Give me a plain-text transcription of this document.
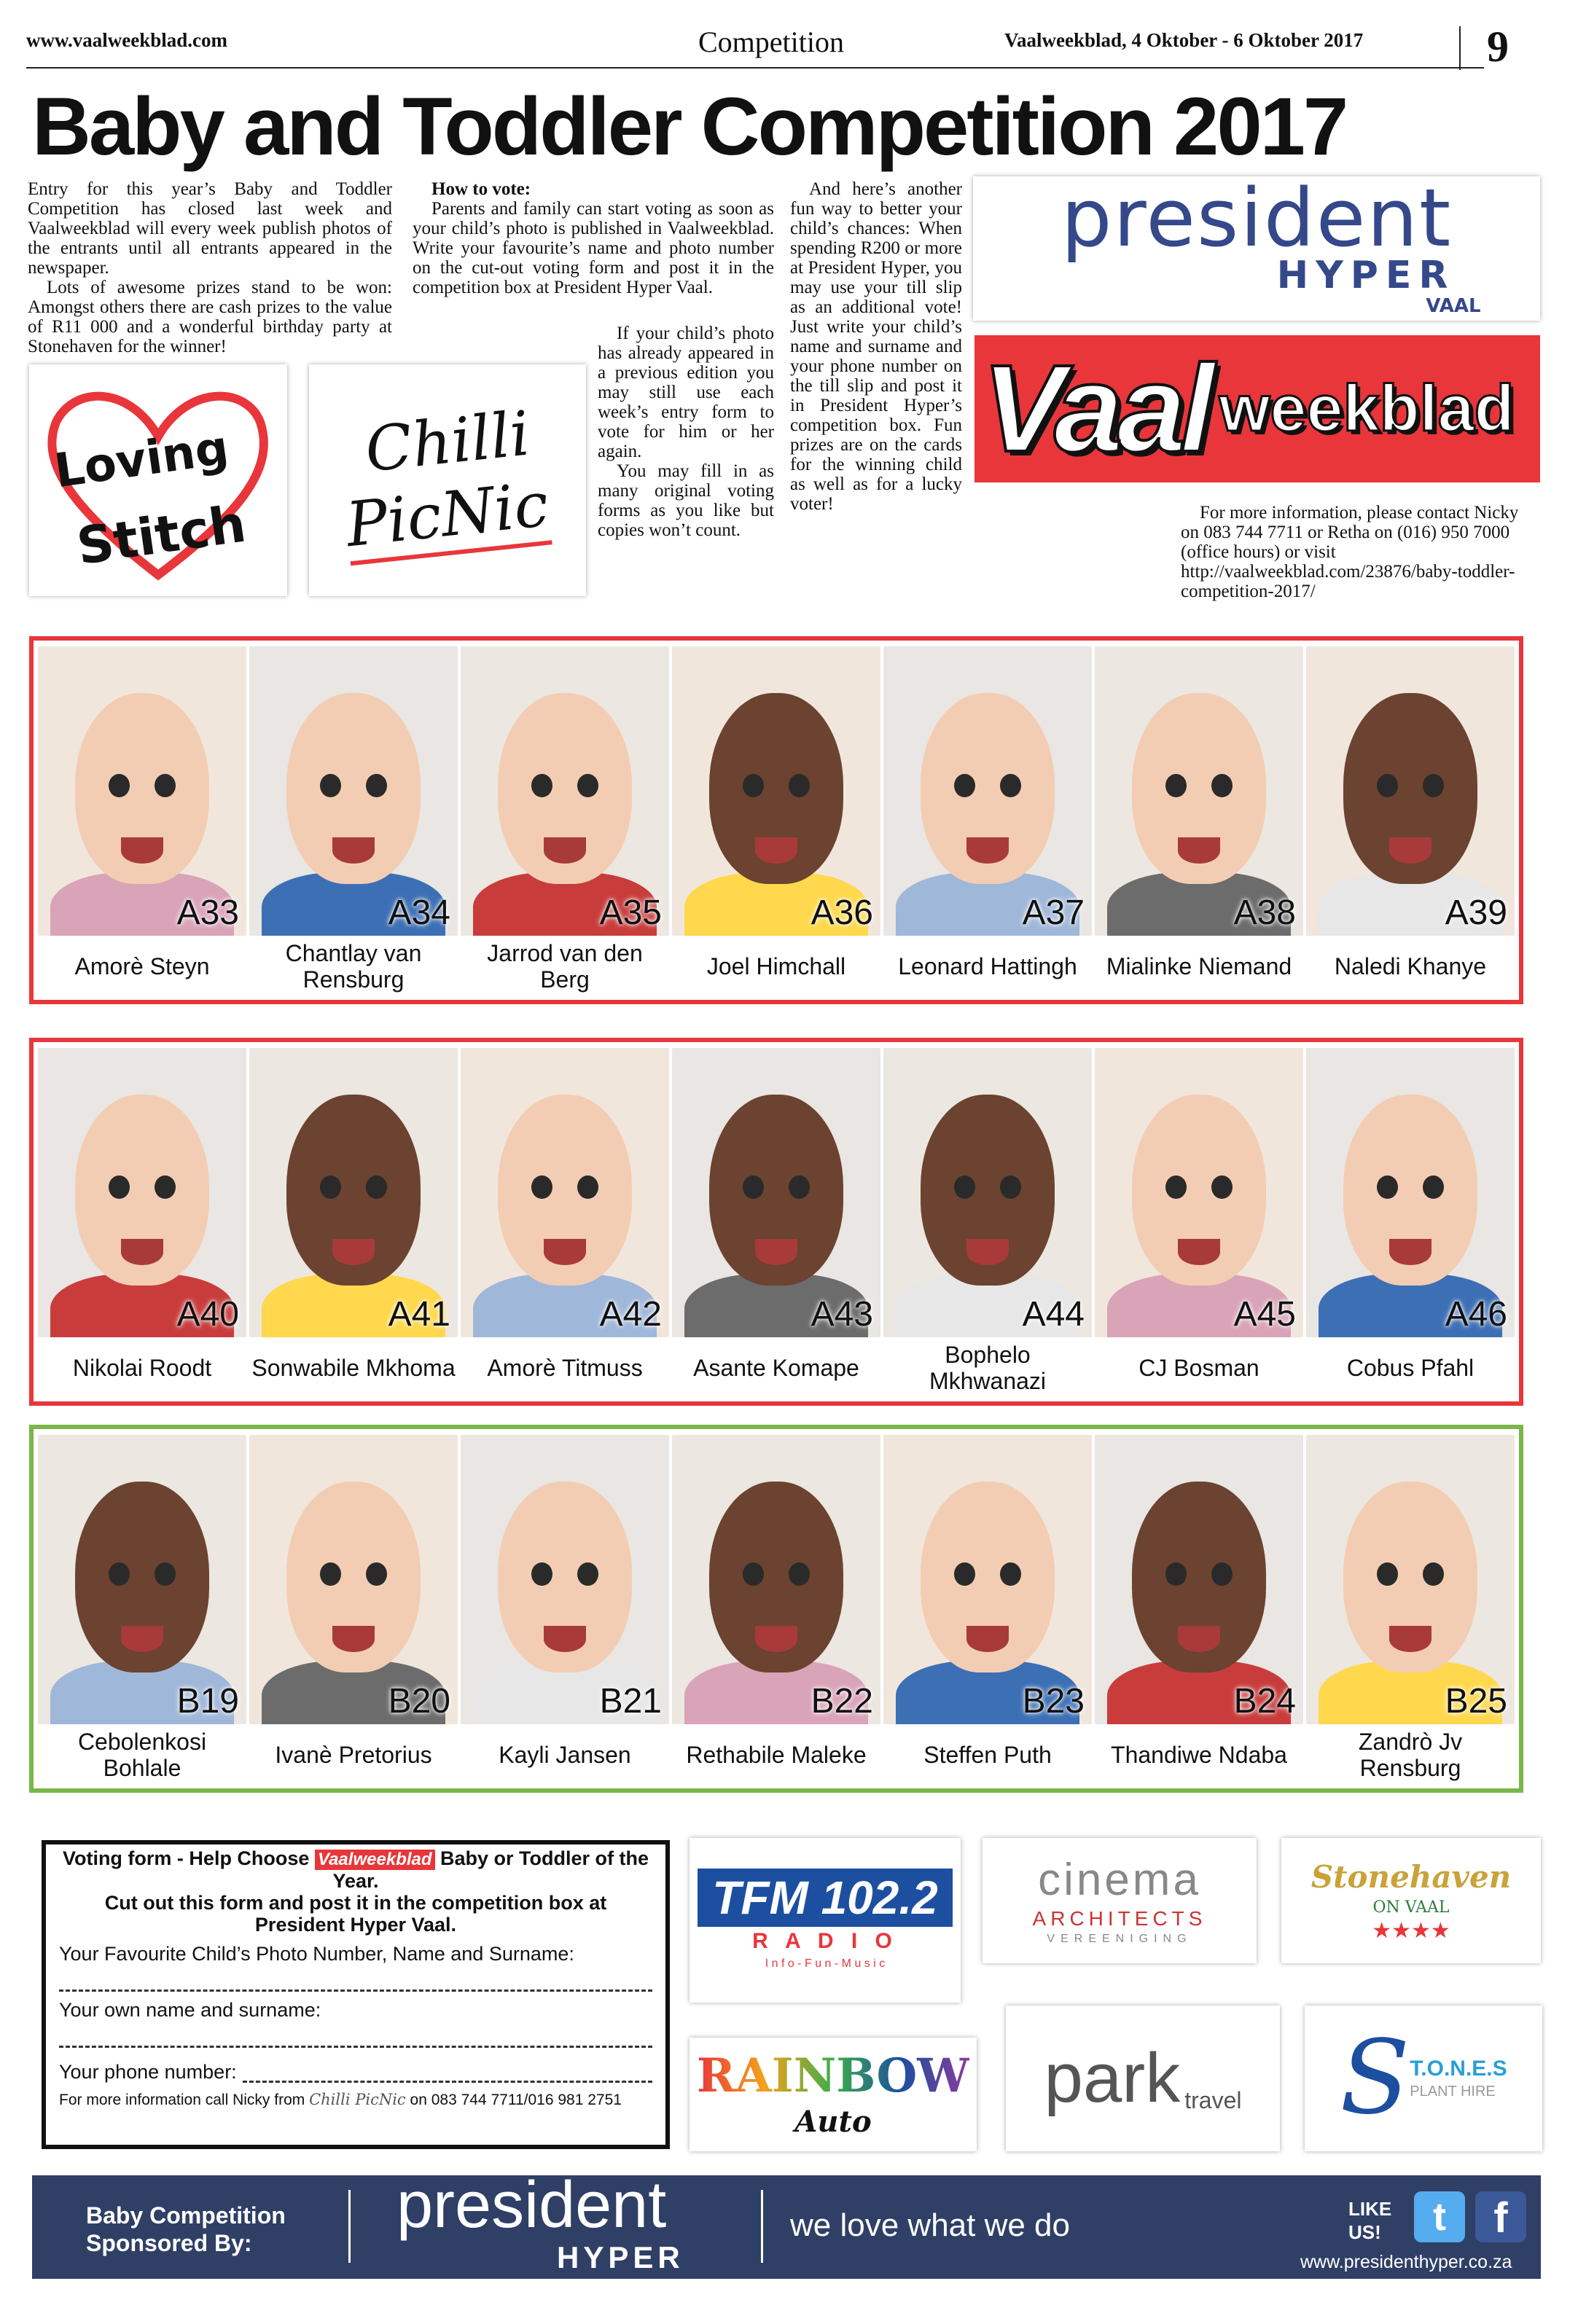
www.vaalweekblad.com	Competition	Vaalweekblad, 4 Oktober - 6 Oktober 2017	9
Baby and Toddler Competition 2017

Entry for this year’s Baby and Toddler Competition has closed last week and Vaalweekblad will every week publish photos of the entrants until all entrants appeared in the newspaper.

Lots of awesome prizes stand to be won: Amongst others there are cash prizes to the value of R11 000 and a wonderful birthday party at Stonehaven for the winner!

How to vote:

Parents and family can start voting as soon as your child’s photo is published in Vaalweekblad. Write your favourite’s name and photo number on the cut-out voting form and post it in the competition box at President Hyper Vaal.

If your child’s photo has already appeared in a previous edition you may still use each week’s entry form to vote for him or her again.

You may fill in as many original voting forms as you like but copies won’t count.

And here’s another fun way to better your child’s chances: When spending R200 or more at President Hyper, you may use your till slip as an additional vote! Just write your child’s name and surname and your phone number on the till slip and post it in President Hyper’s competition box. Fun prizes are on the cards for the winning child as well as for a lucky voter!	For more information, please contact Nicky on 083 744 7711 or Retha on (016) 950 7000 (office hours) or visit http://vaalweekblad.com/23876/baby-toddler-competition-2017/

Loving
Stitch
Chilli
PicNic
president
HYPER
VAAL
Vaal weekblad
A33
Amorè Steyn
A34
Chantlay van Rensburg
A35
Jarrod van den Berg
A36
Joel Himchall
A37
Leonard Hattingh
A38
Mialinke Niemand
A39
Naledi Khanye
A40
Nikolai Roodt
A41
Sonwabile Mkhoma
A42
Amorè Titmuss
A43
Asante Komape
A44
Bophelo Mkhwanazi
A45
CJ Bosman
A46
Cobus Pfahl
B19
Cebolenkosi Bohlale
B20
Ivanè Pretorius
B21
Kayli Jansen
B22
Rethabile Maleke
B23
Steffen Puth
B24
Thandiwe Ndaba
B25
Zandrò Jv Rensburg
Voting form - Help Choose Vaalweekblad Baby or Toddler of the Year.
Cut out this form and post it in the competition box at President Hyper Vaal.
Your Favourite Child’s Photo Number, Name and Surname:
Your own name and surname:
Your phone number:
For more information call Nicky from Chilli PicNic on 083 744 7711/016 981 2751
TFM 102.2
R A D I O
I n f o - F u n - M u s i c
cinema
ARCHITECTS
VEREENIGING
Stonehaven
ON VAAL
★★★★
RAINBOW
Auto
park travel S T.O.N.E.S
PLANT HIRE
Baby Competition Sponsored By:
president
HYPER
we love what we do	LIKE US!	t	f
www.presidenthyper.co.za
